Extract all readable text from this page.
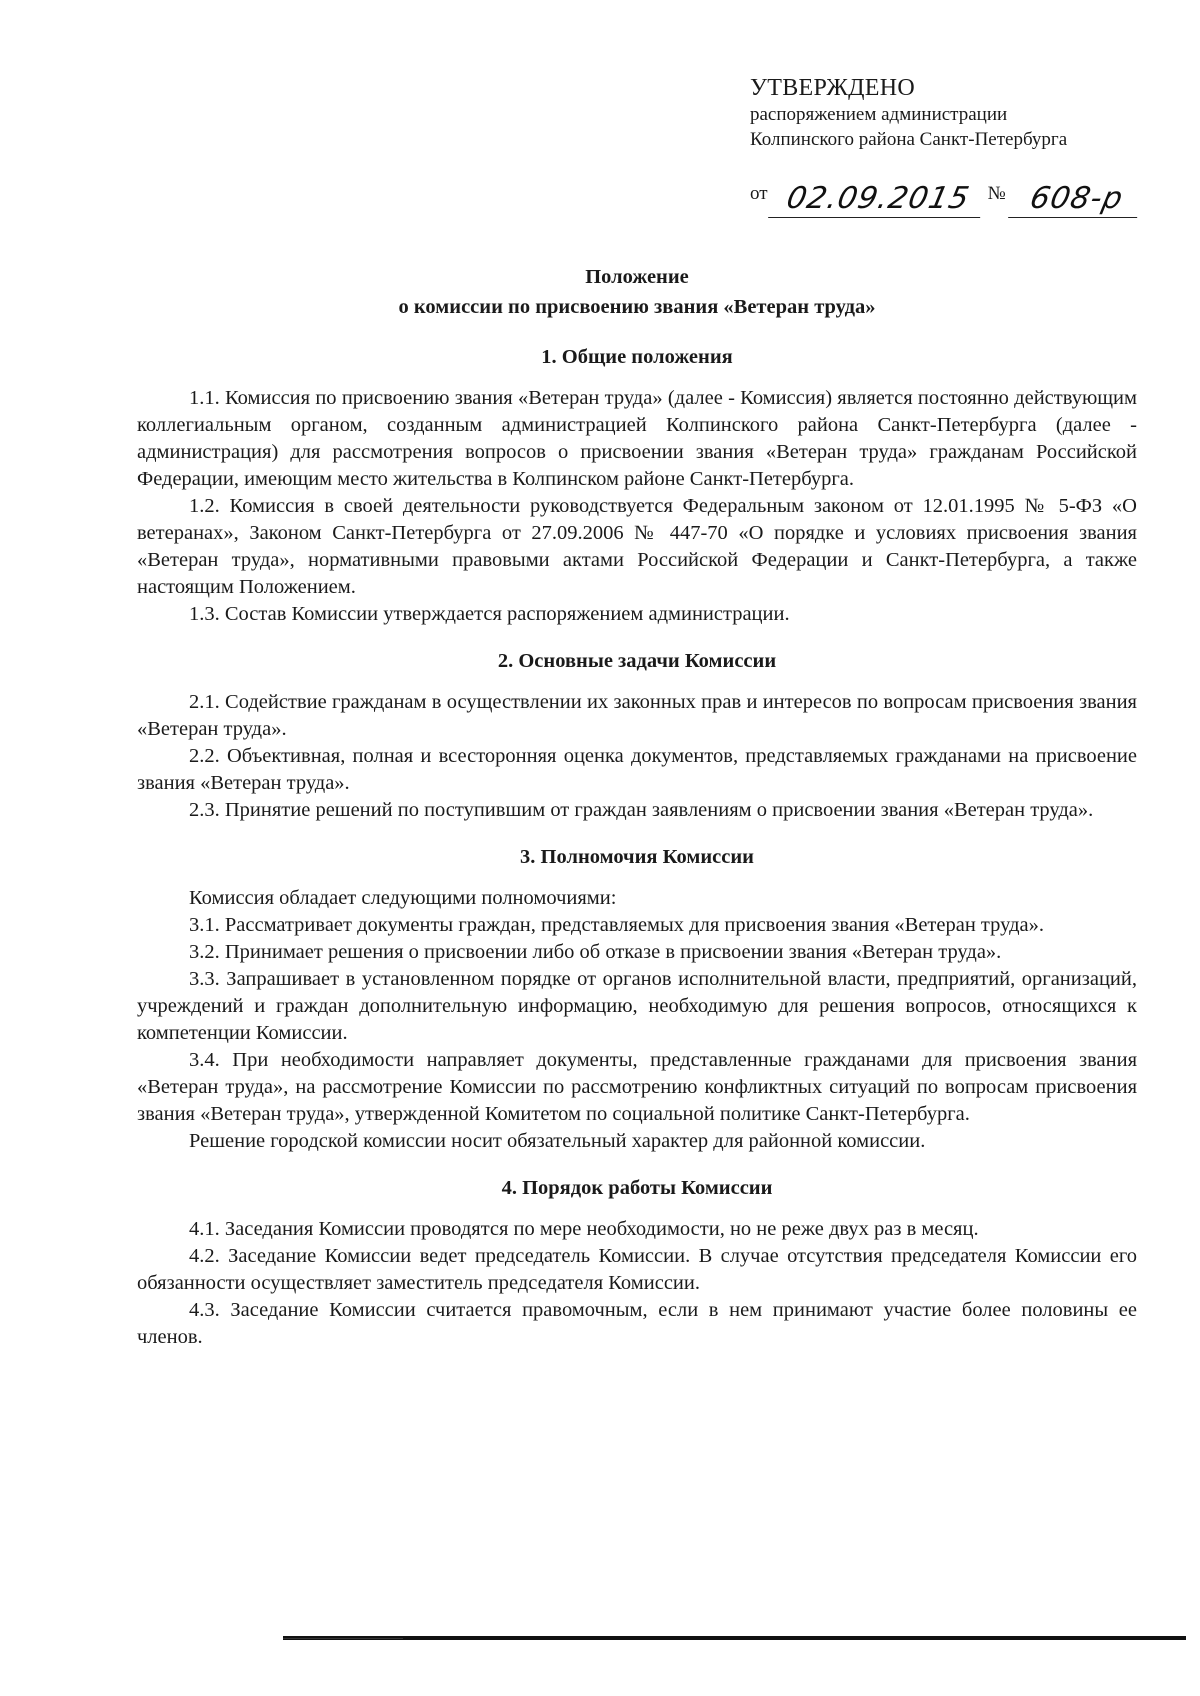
УТВЕРЖДЕНО
распоряжением администрации
Колпинского района Санкт-Петербурга
от 02.09.2015 № 608-р

Положение

о комиссии по присвоению звания «Ветеран труда»

1. Общие положения

1.1. Комиссия по присвоению звания «Ветеран труда» (далее - Комиссия) является постоянно действующим коллегиальным органом, созданным администрацией Колпинского района Санкт-Петербурга (далее - администрация) для рассмотрения вопросов о присвоении звания «Ветеран труда» гражданам Российской Федерации, имеющим место жительства в Колпинском районе Санкт-Петербурга.

1.2. Комиссия в своей деятельности руководствуется Федеральным законом от 12.01.1995 № 5-ФЗ «О ветеранах», Законом Санкт-Петербурга от 27.09.2006 № 447-70 «О порядке и условиях присвоения звания «Ветеран труда», нормативными правовыми актами Российской Федерации и Санкт-Петербурга, а также настоящим Положением.

1.3. Состав Комиссии утверждается распоряжением администрации.

2. Основные задачи Комиссии

2.1. Содействие гражданам в осуществлении их законных прав и интересов по вопросам присвоения звания «Ветеран труда».

2.2. Объективная, полная и всесторонняя оценка документов, представляемых гражданами на присвоение звания «Ветеран труда».

2.3. Принятие решений по поступившим от граждан заявлениям о присвоении звания «Ветеран труда».

3. Полномочия Комиссии

Комиссия обладает следующими полномочиями:

3.1. Рассматривает документы граждан, представляемых для присвоения звания «Ветеран труда».

3.2. Принимает решения о присвоении либо об отказе в присвоении звания «Ветеран труда».

3.3. Запрашивает в установленном порядке от органов исполнительной власти, предприятий, организаций, учреждений и граждан дополнительную информацию, необходимую для решения вопросов, относящихся к компетенции Комиссии.

3.4. При необходимости направляет документы, представленные гражданами для присвоения звания «Ветеран труда», на рассмотрение Комиссии по рассмотрению конфликтных ситуаций по вопросам присвоения звания «Ветеран труда», утвержденной Комитетом по социальной политике Санкт-Петербурга.

Решение городской комиссии носит обязательный характер для районной комиссии.

4. Порядок работы Комиссии

4.1. Заседания Комиссии проводятся по мере необходимости, но не реже двух раз в месяц.

4.2. Заседание Комиссии ведет председатель Комиссии. В случае отсутствия председателя Комиссии его обязанности осуществляет заместитель председателя Комиссии.

4.3. Заседание Комиссии считается правомочным, если в нем принимают участие более половины ее членов.
